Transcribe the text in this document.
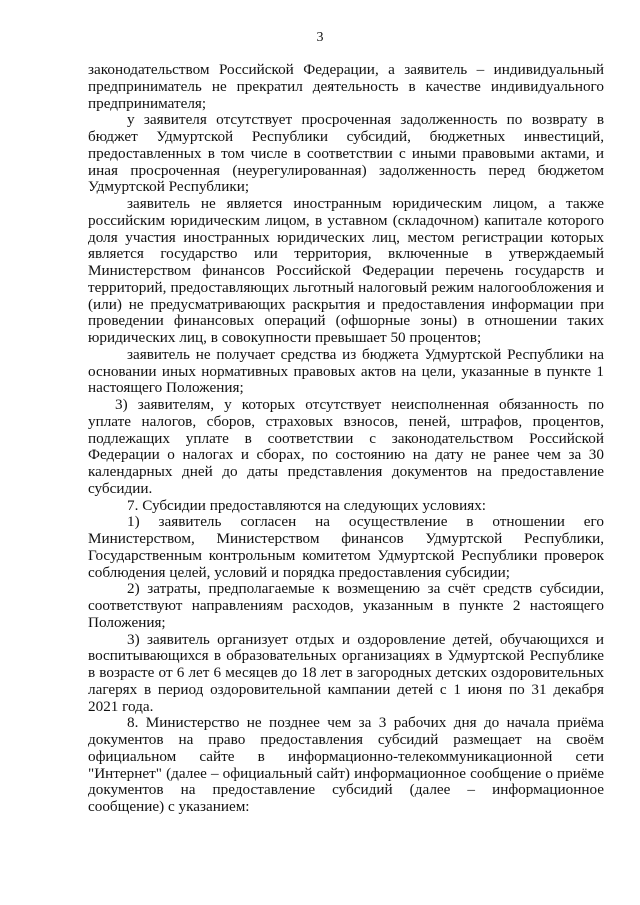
3

законодательством Российской Федерации, а заявитель – индивидуальный предприниматель не прекратил деятельность в качестве индивидуального предпринимателя;

у заявителя отсутствует просроченная задолженность по возврату в бюджет Удмуртской Республики субсидий, бюджетных инвестиций, предоставленных в том числе в соответствии с иными правовыми актами, и иная просроченная (неурегулированная) задолженность перед бюджетом Удмуртской Республики;

заявитель не является иностранным юридическим лицом, а также российским юридическим лицом, в уставном (складочном) капитале которого доля участия иностранных юридических лиц, местом регистрации которых является государство или территория, включенные в утверждаемый Министерством финансов Российской Федерации перечень государств и территорий, предоставляющих льготный налоговый режим налогообложения и (или) не предусматривающих раскрытия и предоставления информации при проведении финансовых операций (офшорные зоны) в отношении таких юридических лиц, в совокупности превышает 50 процентов;

заявитель не получает средства из бюджета Удмуртской Республики на основании иных нормативных правовых актов на цели, указанные в пункте 1 настоящего Положения;

3) заявителям, у которых отсутствует неисполненная обязанность по уплате налогов, сборов, страховых взносов, пеней, штрафов, процентов, подлежащих уплате в соответствии с законодательством Российской Федерации о налогах и сборах, по состоянию на дату не ранее чем за 30 календарных дней до даты представления документов на предоставление субсидии.

7. Субсидии предоставляются на следующих условиях:

1) заявитель согласен на осуществление в отношении его Министерством, Министерством финансов Удмуртской Республики, Государственным контрольным комитетом Удмуртской Республики проверок соблюдения целей, условий и порядка предоставления субсидии;

2) затраты, предполагаемые к возмещению за счёт средств субсидии, соответствуют направлениям расходов, указанным в пункте 2 настоящего Положения;

3) заявитель организует отдых и оздоровление детей, обучающихся и воспитывающихся в образовательных организациях в Удмуртской Республике в возрасте от 6 лет 6 месяцев до 18 лет в загородных детских оздоровительных лагерях в период оздоровительной кампании детей с 1 июня по 31 декабря 2021 года.

8. Министерство не позднее чем за 3 рабочих дня до начала приёма документов на право предоставления субсидий размещает на своём официальном сайте в информационно-телекоммуникационной сети "Интернет" (далее – официальный сайт) информационное сообщение о приёме документов на предоставление субсидий (далее – информационное сообщение) с указанием:
